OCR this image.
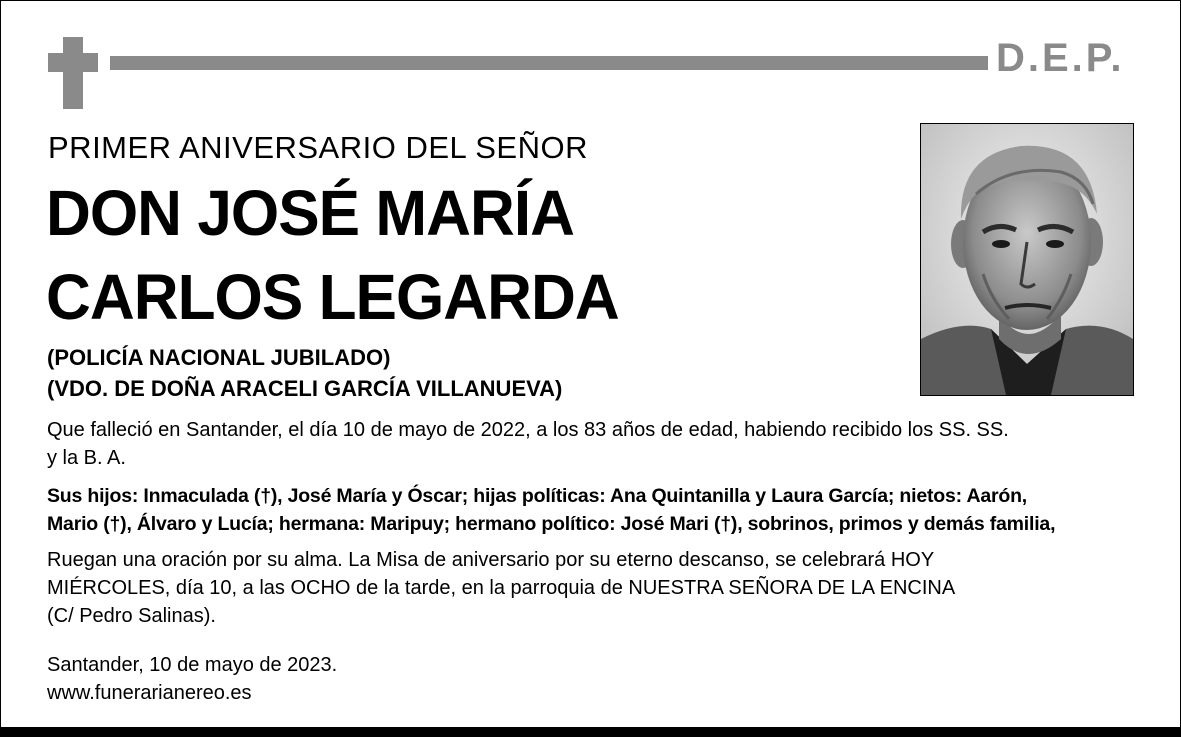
D.E.P.
PRIMER ANIVERSARIO DEL SEÑOR
DON JOSÉ MARÍA
CARLOS LEGARDA
(POLICÍA NACIONAL JUBILADO)
(VDO. DE DOÑA ARACELI GARCÍA VILLANUEVA)
Que falleció en Santander, el día 10 de mayo de 2022, a los 83 años de edad, habiendo recibido los SS. SS.
y la B. A.
Sus hijos: Inmaculada (†), José María y Óscar; hijas políticas: Ana Quintanilla y Laura García; nietos: Aarón,
Mario (†), Álvaro y Lucía; hermana: Maripuy; hermano político: José Mari (†), sobrinos, primos y demás familia,
Ruegan una oración por su alma. La Misa de aniversario por su eterno descanso, se celebrará HOY
MIÉRCOLES, día 10, a las OCHO de la tarde, en la parroquia de NUESTRA SEÑORA DE LA ENCINA
(C/ Pedro Salinas).
Santander, 10 de mayo de 2023.
www.funerarianereo.es
